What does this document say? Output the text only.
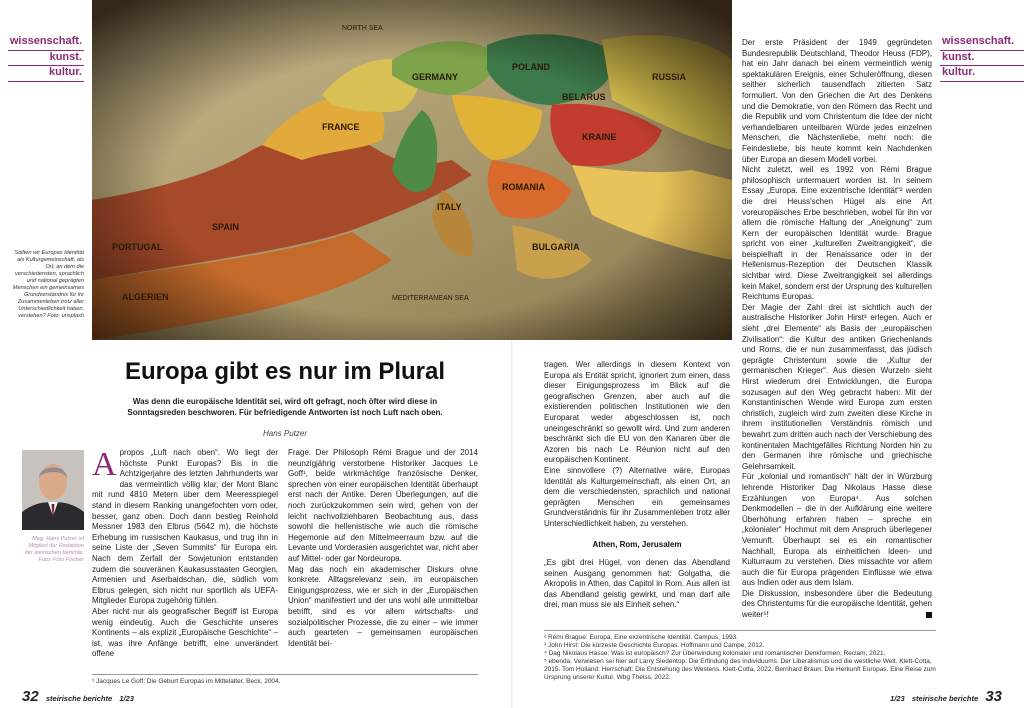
wissenschaft.
kunst.
kultur.
wissenschaft.
kunst.
kultur.
ALGERIEN
FRANCE
GERMANY
POLAND
KRAINE
RUSSIA
ROMANIA
ITALY
SPAIN
PORTUGAL	BULGARIA
BELARUS
MEDITERRANEAN SEA
NORTH SEA
Sollten wir Europas Identität als Kulturgemeinschaft, als Ort, an dem die verschiedensten, sprachlich und national geprägten Menschen ein gemeinsames Grundverständnis für ihr Zusammenleben trotz aller Unterschiedlichkeit haben, verstehen? Foto: unsplash
Europa gibt es nur im Plural
Was denn die europäische Identität sei, wird oft gefragt, noch öfter wird diese in Sonntagsreden beschworen. Für befriedigende Antworten ist noch Luft nach oben.
Hans Putzer
Mag. Hans Putzer ist Mitglied der Redaktion der steirischen berichte. Foto: Foto Fischer
A propos „Luft nach oben“. Wo liegt der höchste Punkt Europas? Bis in die Achtzigerjahre des letzten Jahrhunderts war das vermeintlich völlig klar, der Mont Blanc mit rund 4810 Metern über dem Meeresspiegel stand in diesem Ranking unangefochten vorn oder, besser, ganz oben. Doch dann bestieg Reinhold Messner 1983 den Elbrus (5642 m), die höchste Erhebung im russischen Kaukasus, und trug ihn in seine Liste der „Seven Summits“ für Europa ein. Nach dem Zerfall der Sowjetunion entstanden zudem die souveränen Kaukasusstaaten Georgien, Armenien und Aserbaidschan, die, südlich vom Elbrus gelegen, sich nicht nur sportlich als UEFA-Mitglieder Europa zugehörig fühlen.

Aber nicht nur als geografischer Begriff ist Europa wenig eindeutig. Auch die Geschichte unseres Kontinents – als explizit „Europäische Geschichte“ – ist, was ihre Anfänge betrifft, eine unverändert offene

Frage. Der Philosoph Rémi Brague und der 2014 neunzigjährig verstorbene Historiker Jacques Le Goff¹, beide wirkmächtige französische Denker, sprechen von einer europäischen Identität überhaupt erst nach der Antike. Deren Überlegungen, auf die noch zurückzukommen sein wird, gehen von der leicht nachvollziehbaren Beobachtung aus, dass sowohl die hellenistische wie auch die römische Hegemonie auf den Mittelmeerraum bzw. auf die Levante und Vorderasien ausgerichtet war, nicht aber auf Mittel- oder gar Nordeuropa.

Mag das noch ein akademischer Diskurs ohne konkrete. Alltagsrelevanz sein, im europäischen Einigungsprozess, wie er sich in der „Europäischen Union“ manifestiert und der uns wohl alle unmittelbar betrifft, sind es vor allem wirtschafts- und sozialpolitischer Prozesse, die zu einer – wie immer auch gearteten – gemeinsamen europäischen Identität bei-

tragen. Wer allerdings in diesem Kontext von Europa als Entität spricht, ignoriert zum einen, dass dieser Einigungsprozess im Blick auf die geografischen Grenzen, aber auch auf die existierenden politischen Institutionen wie den Europarat weder abgeschlossen ist, noch uneingeschränkt so gewollt wird. Und zum anderen beschränkt sich die EU von den Kanaren über die Azoren bis nach Le Réunion nicht auf den europäischen Kontinent.

Eine sinnvollere (?) Alternative wäre, Europas Identität als Kulturgemeinschaft, als einen Ort, an dem die verschiedensten, sprachlich und national geprägten Menschen ein gemeinsames Grundverständnis für ihr Zusammenleben trotz aller Unterschiedlichkeit haben, zu verstehen.

Athen, Rom, Jerusalem

„Es gibt drei Hügel, von denen das Abendland seinen Ausgang genommen hat: Golgatha, die Akropolis in Athen, das Capitol in Rom. Aus allen ist das Abendland geistig gewirkt, und man darf alle drei, man muss sie als Einheit sehen.“

Der erste Präsident der 1949 gegründeten Bundesrepublik Deutschland, Theodor Heuss (FDP), hat ein Jahr danach bei einem vermeintlich wenig spektakulären Ereignis, einer Schuleröffnung, diesen seither sicherlich tausendfach zitierten Satz formuliert. Von den Griechen die Art des Denkens und die Demokratie, von den Römern das Recht und die Republik und vom Christentum die Idee der nicht verhandelbaren unteilbaren Würde jedes einzelnen Menschen, die Nächstenliebe, mehr noch: die Feindesliebe, bis heute kommt kein Nachdenken über Europa an diesem Modell vorbei.

Nicht zuletzt, weil es 1992 von Rémi Brague philosophisch untermauert worden ist. In seinem Essay „Europa. Eine exzentrische Identität“² werden die drei Heuss'schen Hügel als eine Art voreuropäisches Erbe beschrieben, wobei für ihn vor allem die römische Haltung der „Aneignung“ zum Kern der europäischen Identität wurde. Brague spricht von einer „kulturellen Zweitrangigkeit“, die beispielhaft in der Renaissance oder in der Hellenismus-Rezeption der Deutschen Klassik sichtbar wird. Diese Zweitrangigkeit sei allerdings kein Makel, sondern erst der Ursprung des kulturellen Reichtums Europas.

Der Magie der Zahl drei ist sichtlich auch der australische Historiker John Hirst³ erlegen. Auch er sieht „drei Elemente“ als Basis der „europäischen Zivilisation“: die Kultur des antiken Griechenlands und Roms, die er nun zusammenfasst, das jüdisch geprägte Christentum sowie die „Kultur der germanischen Krieger“. Aus diesen Wurzeln sieht Hirst wiederum drei Entwicklungen, die Europa sozusagen auf den Weg gebracht haben: Mit der Konstantinischen Wende wird Europa zum ersten christlich, zugleich wird zum zweiten diese Kirche in ihrem institutionellen Verständnis römisch und bewahrt zum dritten auch nach der Verschiebung des kontinentalen Machtgefälles Richtung Norden hin zu den Germanen ihre römische und griechische Gelehrsamkeit.

Für „kolonial und romantisch“ hält der in Würzburg lehrende Historiker Dag Nikolaus Hasse diese Erzählungen von Europa⁴. Aus solchen Denkmodellen – die in der Aufklärung eine weitere Überhöhung erfahren haben – spreche ein „kolonialer“ Hochmut mit dem Anspruch überlegener Vernunft. Überhaupt sei es ein romantischer Nachhall, Europa als einheitlichen Ideen- und Kulturraum zu verstehen. Dies missachte vor allem auch die für Europa prägenden Einflüsse wie etwa aus Indien oder aus dem Islam.

Die Diskussion, insbesondere über die Bedeutung des Christentums für die europäische Identität, gehen weiter⁵!

¹ Jacques Le Goff: Die Geburt Europas im Mittelalter. Beck, 2004.
² Rémi Brague: Europa. Eine exzentrische Identität. Campus, 1993.
³ John Hirst: Die kürzeste Geschichte Europas. Hoffmann und Campe, 2012.
⁴ Dag Nikolaus Hasse: Was ist europäisch? Zur Überwindung kolonialer und romantischer Denkformen. Reclam, 2021.
⁵ ebenda. Verwiesen sei hier auf Larry Siedentop: Die Erfindung des Individuums. Der Liberalismus und die westliche Welt. Klett-Cotta, 2015. Tom Holland: Herrschaft: Die Entstehung des Westens. Klett-Cotta, 2022. Bernhard Braun: Die Herkunft Europas. Eine Reise zum Ursprung unserer Kultur. Wbg Theiss, 2022.
32 steirische berichte 1/23	1/23 steirische berichte 33
